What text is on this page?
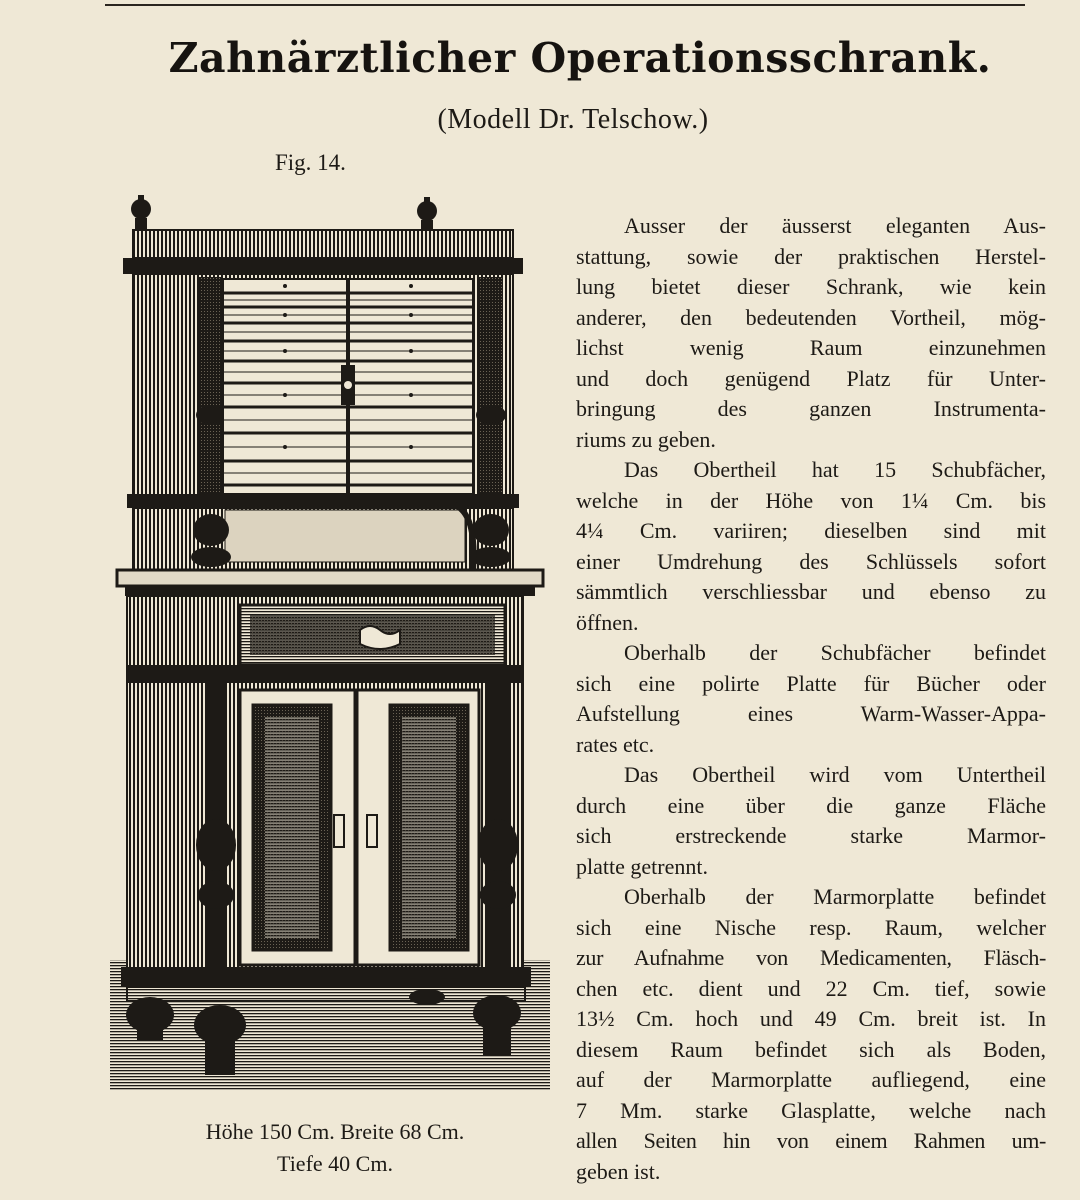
Zahnärztlicher Operationsschrank.
(Modell Dr. Telschow.)
Fig. 14.
Höhe 150 Cm. Breite 68 Cm.
Tiefe 40 Cm.
Ausser der äusserst eleganten Aus-
stattung, sowie der praktischen Herstel-
lung bietet dieser Schrank, wie kein
anderer, den bedeutenden Vortheil, mög-
lichst wenig Raum einzunehmen
und doch genügend Platz für Unter-
bringung des ganzen Instrumenta-
riums zu geben.
Das Obertheil hat 15 Schubfächer,
welche in der Höhe von 1¼ Cm. bis
4¼ Cm. variiren; dieselben sind mit
einer Umdrehung des Schlüssels sofort
sämmtlich verschliessbar und ebenso zu
öffnen.
Oberhalb der Schubfächer befindet
sich eine polirte Platte für Bücher oder
Aufstellung eines Warm-Wasser-Appa-
rates etc.
Das Obertheil wird vom Untertheil
durch eine über die ganze Fläche
sich erstreckende starke Marmor-
platte getrennt.
Oberhalb der Marmorplatte befindet
sich eine Nische resp. Raum, welcher
zur Aufnahme von Medicamenten, Fläsch-
chen etc. dient und 22 Cm. tief, sowie
13½ Cm. hoch und 49 Cm. breit ist. In
diesem Raum befindet sich als Boden,
auf der Marmorplatte aufliegend, eine
7 Mm. starke Glasplatte, welche nach
allen Seiten hin von einem Rahmen um-
geben ist.
